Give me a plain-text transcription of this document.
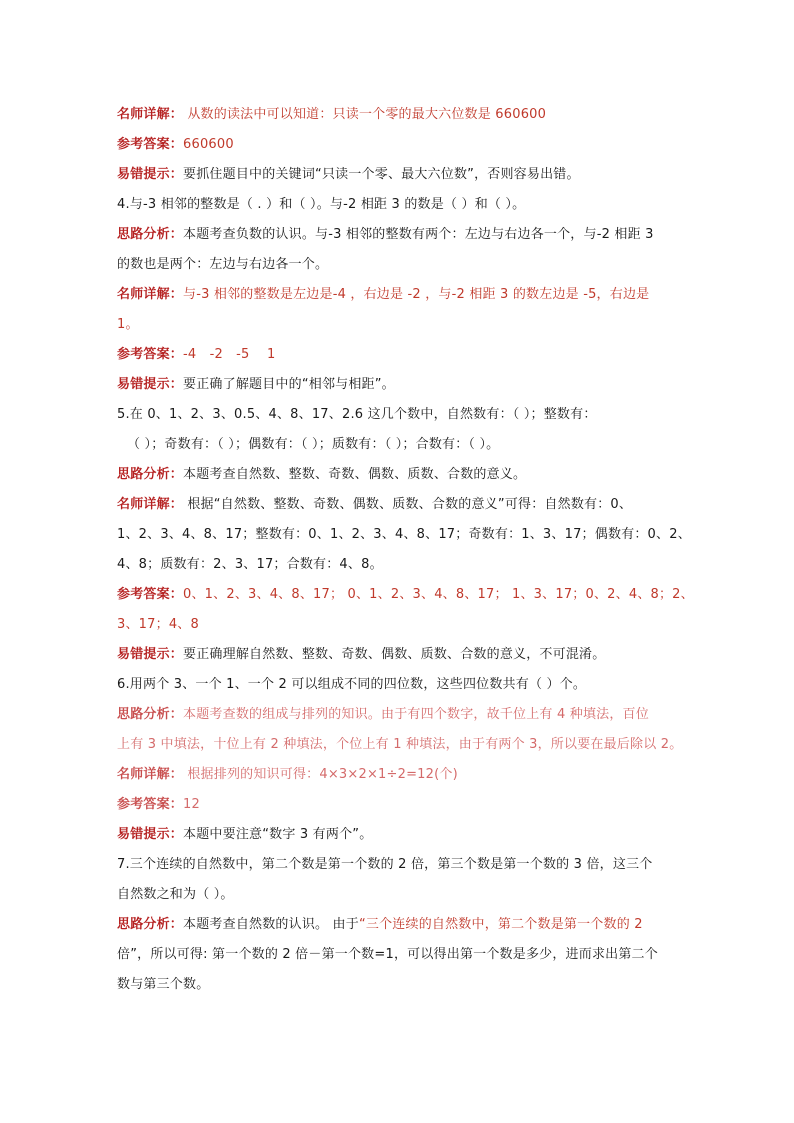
名师详解： 从数的读法中可以知道：只读一个零的最大六位数是 660600
参考答案：660600
易错提示：要抓住题目中的关键词“只读一个零、最大六位数”，否则容易出错。
4.与-3 相邻的整数是（ . ）和（ ）。与-2 相距 3 的数是（ ）和（ ）。
思路分析：本题考查负数的认识。与-3 相邻的整数有两个：左边与右边各一个，与-2 相距 3
的数也是两个：左边与右边各一个。
名师详解：与-3 相邻的整数是左边是-4 ，右边是 -2 ，与-2 相距 3 的数左边是 -5，右边是
1。
参考答案：-4　-2　-5　 1
易错提示：要正确了解题目中的“相邻与相距”。
5.在 0、1、2、3、0.5、4、8、17、2.6 这几个数中，自然数有：（ ）；整数有：
（ ）；奇数有：（ ）；偶数有：（ ）；质数有：（ ）；合数有：（ ）。
思路分析：本题考查自然数、整数、奇数、偶数、质数、合数的意义。
名师详解： 根据“自然数、整数、奇数、偶数、质数、合数的意义”可得：自然数有：0、
1、2、3、4、8、17；整数有：0、1、2、3、4、8、17；奇数有：1、3、17；偶数有：0、2、
4、8；质数有：2、3、17；合数有：4、8。
参考答案：0、1、2、3、4、8、17； 0、1、2、3、4、8、17； 1、3、17；0、2、4、8；2、
3、17；4、8
易错提示：要正确理解自然数、整数、奇数、偶数、质数、合数的意义，不可混淆。
6.用两个 3、一个 1、一个 2 可以组成不同的四位数，这些四位数共有（ ）个。
思路分析：本题考查数的组成与排列的知识。由于有四个数字，故千位上有 4 种填法，百位
上有 3 中填法，十位上有 2 种填法，个位上有 1 种填法，由于有两个 3，所以要在最后除以 2。
名师详解： 根据排列的知识可得：4×3×2×1÷2=12(个)
参考答案：12
易错提示：本题中要注意“数字 3 有两个”。
7.三个连续的自然数中，第二个数是第一个数的 2 倍，第三个数是第一个数的 3 倍，这三个
自然数之和为（ ）。
思路分析：本题考查自然数的认识。 由于“三个连续的自然数中，第二个数是第一个数的 2
倍”，所以可得: 第一个数的 2 倍－第一个数=1，可以得出第一个数是多少，进而求出第二个
数与第三个数。
